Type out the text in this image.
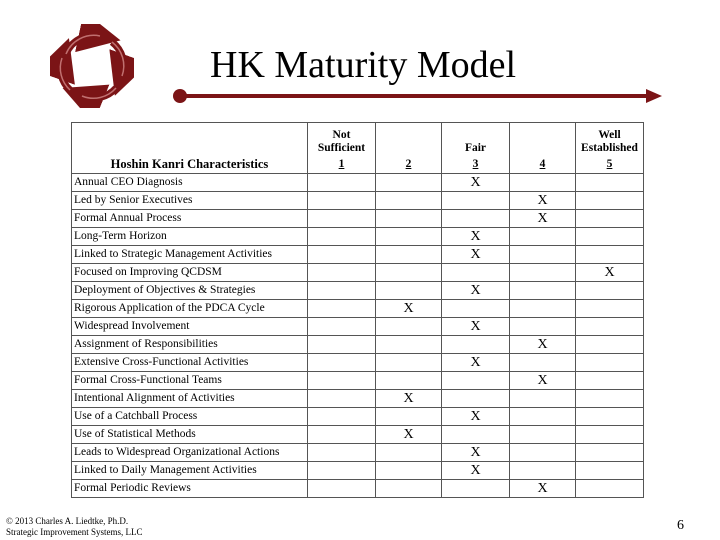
HK Maturity Model
	Not Sufficient		Fair		Well Established
Hoshin Kanri Characteristics	1	2	3	4	5
Annual CEO Diagnosis			X		
Led by Senior Executives				X	
Formal Annual Process				X	
Long-Term Horizon			X		
Linked to Strategic Management Activities			X		
Focused on Improving QCDSM					X
Deployment of Objectives & Strategies			X		
Rigorous Application of the PDCA Cycle		X			
Widespread Involvement			X		
Assignment of Responsibilities				X	
Extensive Cross-Functional Activities			X		
Formal Cross-Functional Teams				X	
Intentional Alignment of Activities		X			
Use of a Catchball Process			X		
Use of Statistical Methods		X			
Leads to Widespread Organizational Actions			X		
Linked to Daily Management Activities			X		
Formal Periodic Reviews				X	
© 2013 Charles A. Liedtke, Ph.D.
Strategic Improvement Systems, LLC	6
